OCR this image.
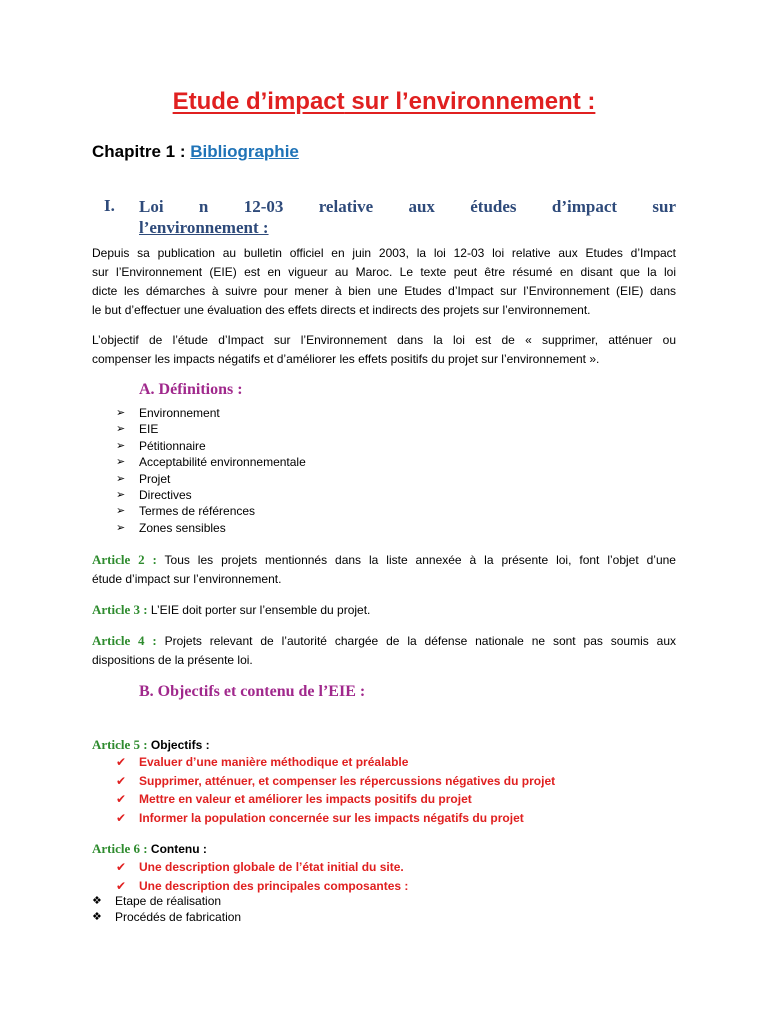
Etude d’impact sur l’environnement :
Chapitre 1 : Bibliographie
I. Loi n 12-03 relative aux études d’impact sur
l’environnement :
Depuis sa publication au bulletin officiel en juin 2003, la loi 12-03 loi relative aux Etudes d’Impact
sur l’Environnement (EIE) est en vigueur au Maroc. Le texte peut être résumé en disant que la loi
dicte les démarches à suivre pour mener à bien une Etudes d’Impact sur l’Environnement (EIE) dans
le but d’effectuer une évaluation des effets directs et indirects des projets sur l’environnement.
L’objectif de l’étude d’Impact sur l’Environnement dans la loi est de « supprimer, atténuer ou
compenser les impacts négatifs et d’améliorer les effets positifs du projet sur l’environnement ».
A. Définitions :
➢ Environnement
➢ EIE
➢ Pétitionnaire
➢ Acceptabilité environnementale
➢ Projet
➢ Directives
➢ Termes de références
➢ Zones sensibles
Article 2 : Tous les projets mentionnés dans la liste annexée à la présente loi, font l’objet d’une
étude d’impact sur l’environnement.
Article 3 : L’EIE doit porter sur l’ensemble du projet.
Article 4 : Projets relevant de l’autorité chargée de la défense nationale ne sont pas soumis aux
dispositions de la présente loi.
B. Objectifs et contenu de l’EIE :
Article 5 : Objectifs :
✔ Evaluer d’une manière méthodique et préalable
✔ Supprimer, atténuer, et compenser les répercussions négatives du projet
✔ Mettre en valeur et améliorer les impacts positifs du projet
✔ Informer la population concernée sur les impacts négatifs du projet
Article 6 : Contenu :
✔ Une description globale de l’état initial du site.
✔ Une description des principales composantes :
❖ Etape de réalisation
❖ Procédés de fabrication
